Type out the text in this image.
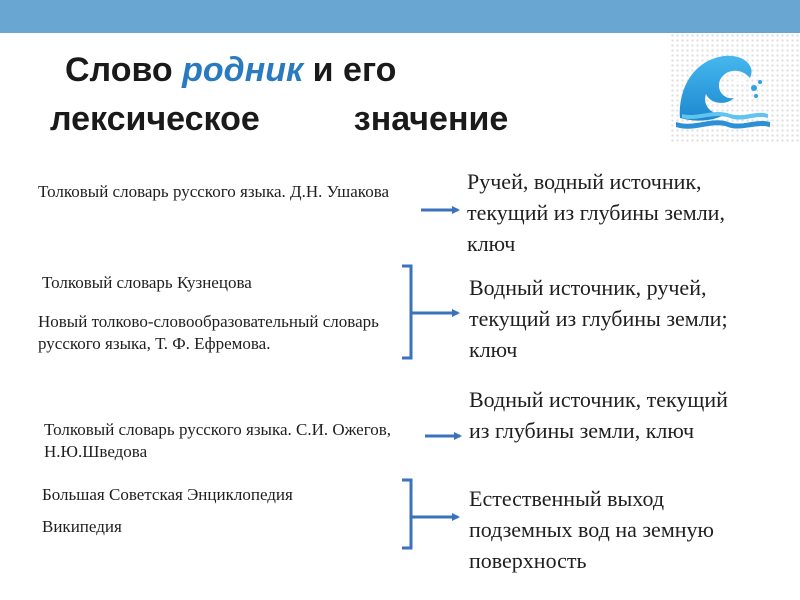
Слово родник и его
лексическое	значение

Толковый словарь русского языка. Д.Н. Ушакова	Ручей, водный источник, текущий из глубины земли, ключ

Толковый словарь Кузнецова

Новый толково-словообразовательный словарь русского языка, Т. Ф. Ефремова.

Водный источник, ручей, текущий из глубины земли; ключ

Толковый словарь русского языка. С.И. Ожегов, Н.Ю.Шведова

Водный источник, текущий из глубины земли, ключ

Большая Советская Энциклопедия

Википедия

Естественный выход подземных вод на земную поверхность
